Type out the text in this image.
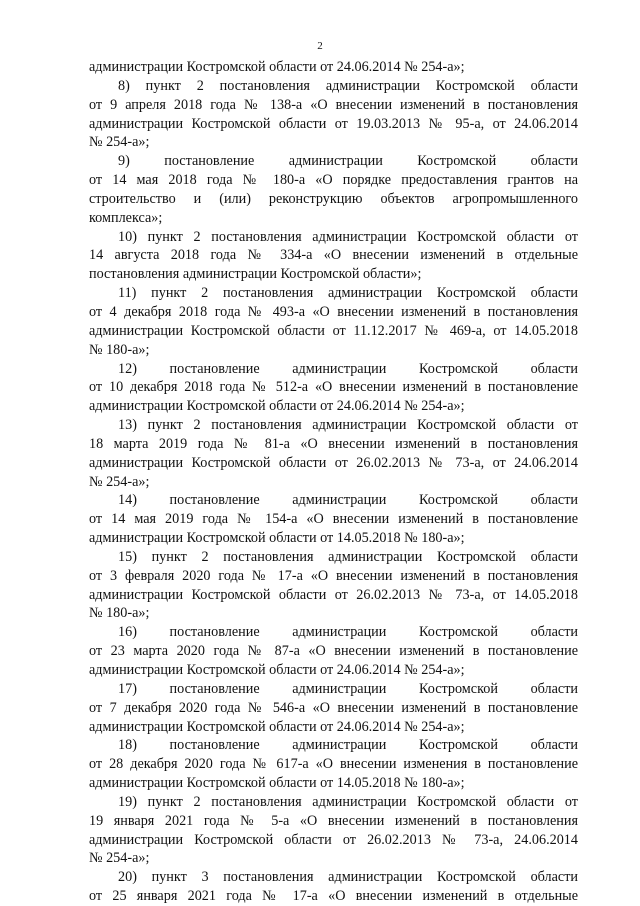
2
администрации Костромской области от 24.06.2014 № 254-а»;
8) пункт 2 постановления администрации Костромской области
от 9 апреля 2018 года № 138-а «О внесении изменений в постановления
администрации Костромской области от 19.03.2013 № 95-а, от 24.06.2014
№ 254-а»;
9) постановление администрации Костромской области
от 14 мая 2018 года № 180-а «О порядке предоставления грантов на
строительство и (или) реконструкцию объектов агропромышленного
комплекса»;
10) пункт 2 постановления администрации Костромской области от
14 августа 2018 года № 334-а «О внесении изменений в отдельные
постановления администрации Костромской области»;
11) пункт 2 постановления администрации Костромской области
от 4 декабря 2018 года № 493-а «О внесении изменений в постановления
администрации Костромской области от 11.12.2017 № 469-а, от 14.05.2018
№ 180-а»;
12) постановление администрации Костромской области
от 10 декабря 2018 года № 512-а «О внесении изменений в постановление
администрации Костромской области от 24.06.2014 № 254-а»;
13) пункт 2 постановления администрации Костромской области от
18 марта 2019 года № 81-а «О внесении изменений в постановления
администрации Костромской области от 26.02.2013 № 73-а, от 24.06.2014
№ 254-а»;
14) постановление администрации Костромской области
от 14 мая 2019 года № 154-а «О внесении изменений в постановление
администрации Костромской области от 14.05.2018 № 180-а»;
15) пункт 2 постановления администрации Костромской области
от 3 февраля 2020 года № 17-а «О внесении изменений в постановления
администрации Костромской области от 26.02.2013 № 73-а, от 14.05.2018
№ 180-а»;
16) постановление администрации Костромской области
от 23 марта 2020 года № 87-а «О внесении изменений в постановление
администрации Костромской области от 24.06.2014 № 254-а»;
17) постановление администрации Костромской области
от 7 декабря 2020 года № 546-а «О внесении изменений в постановление
администрации Костромской области от 24.06.2014 № 254-а»;
18) постановление администрации Костромской области
от 28 декабря 2020 года № 617-а «О внесении изменения в постановление
администрации Костромской области от 14.05.2018 № 180-а»;
19) пункт 2 постановления администрации Костромской области от
19 января 2021 года № 5-а «О внесении изменений в постановления
администрации Костромской области от 26.02.2013 № 73-а, 24.06.2014
№ 254-а»;
20) пункт 3 постановления администрации Костромской области
от 25 января 2021 года № 17-а «О внесении изменений в отдельные
